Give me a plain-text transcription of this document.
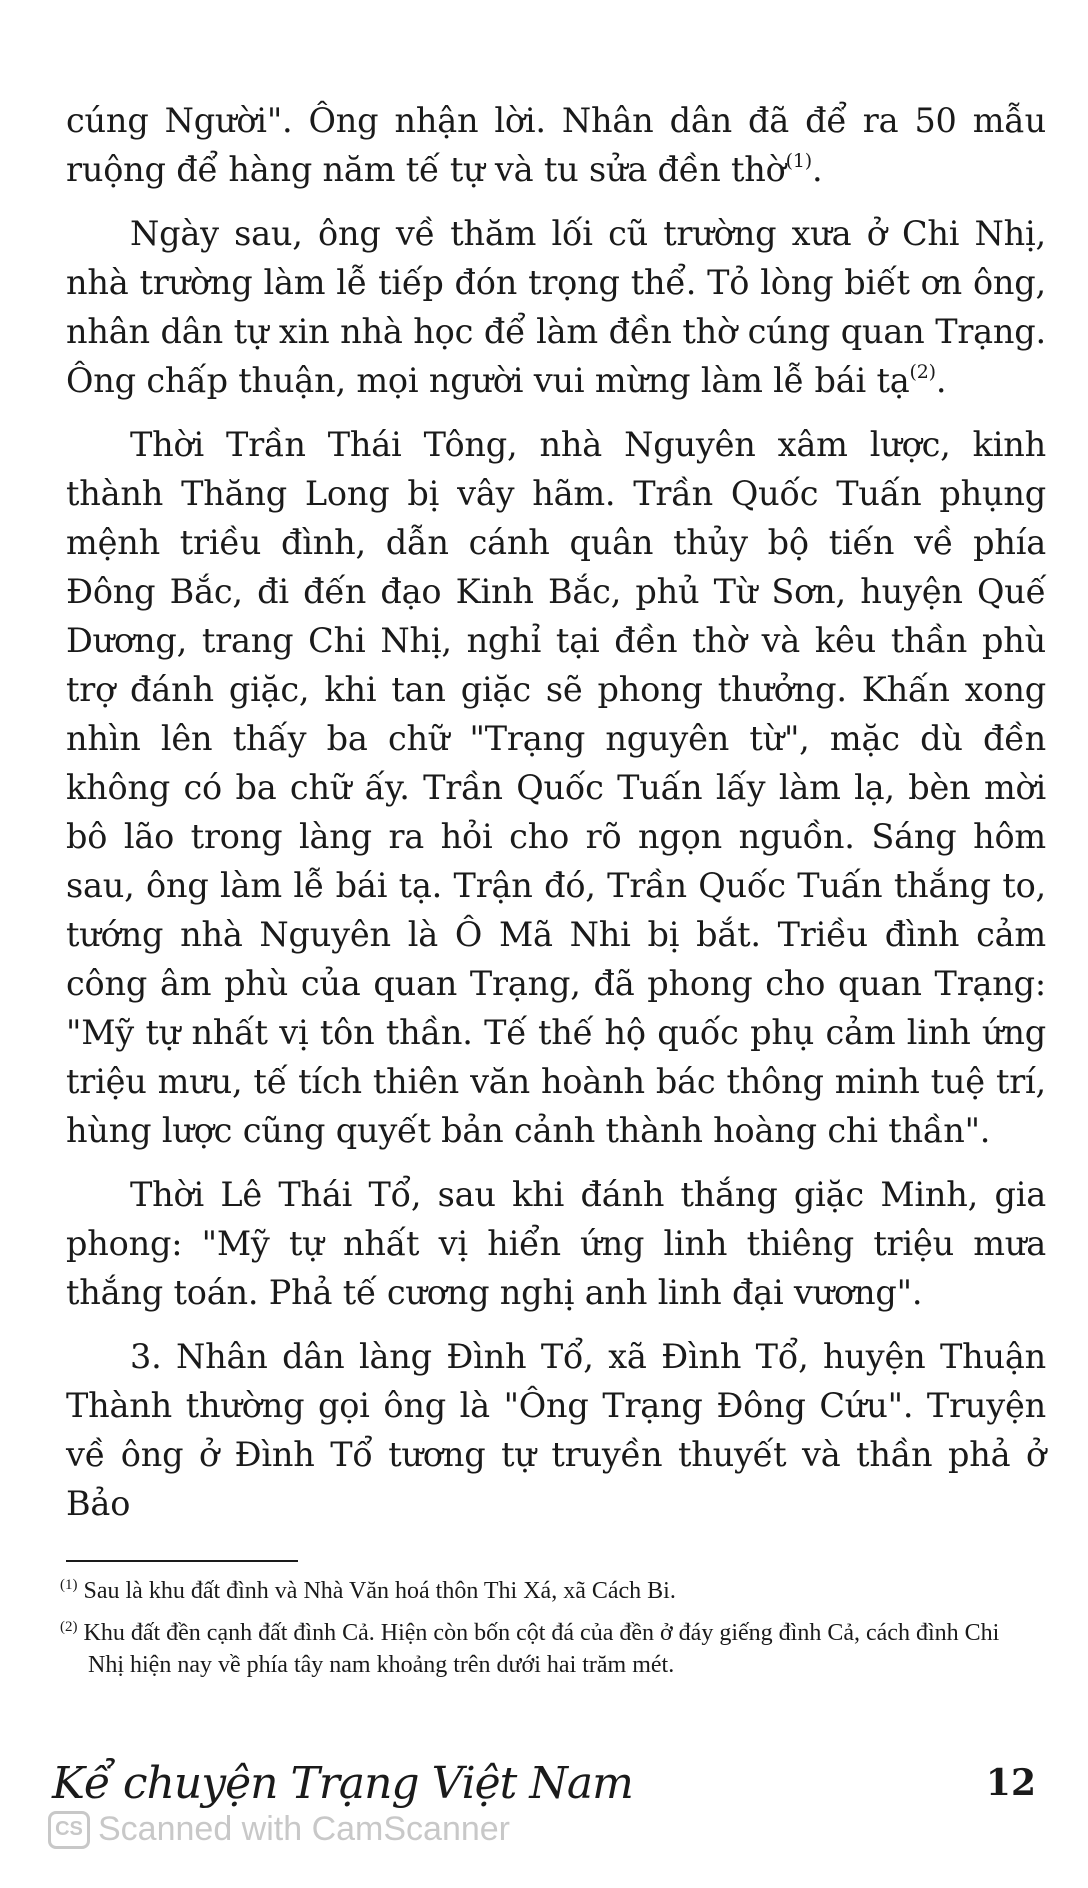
cúng Người". Ông nhận lời. Nhân dân đã để ra 50 mẫu ruộng để hàng năm tế tự và tu sửa đền thờ$^{(1)}$.

Ngày sau, ông về thăm lối cũ trường xưa ở Chi Nhị, nhà trường làm lễ tiếp đón trọng thể. Tỏ lòng biết ơn ông, nhân dân tự xin nhà học để làm đền thờ cúng quan Trạng. Ông chấp thuận, mọi người vui mừng làm lễ bái tạ$^{(2)}$.

Thời Trần Thái Tông, nhà Nguyên xâm lược, kinh thành Thăng Long bị vây hãm. Trần Quốc Tuấn phụng mệnh triều đình, dẫn cánh quân thủy bộ tiến về phía Đông Bắc, đi đến đạo Kinh Bắc, phủ Từ Sơn, huyện Quế Dương, trang Chi Nhị, nghỉ tại đền thờ và kêu thần phù trợ đánh giặc, khi tan giặc sẽ phong thưởng. Khấn xong nhìn lên thấy ba chữ "Trạng nguyên từ", mặc dù đền không có ba chữ ấy. Trần Quốc Tuấn lấy làm lạ, bèn mời bô lão trong làng ra hỏi cho rõ ngọn nguồn. Sáng hôm sau, ông làm lễ bái tạ. Trận đó, Trần Quốc Tuấn thắng to, tướng nhà Nguyên là Ô Mã Nhi bị bắt. Triều đình cảm công âm phù của quan Trạng, đã phong cho quan Trạng: "Mỹ tự nhất vị tôn thần. Tế thế hộ quốc phụ cảm linh ứng triệu mưu, tế tích thiên văn hoành bác thông minh tuệ trí, hùng lược cũng quyết bản cảnh thành hoàng chi thần".

Thời Lê Thái Tổ, sau khi đánh thắng giặc Minh, gia phong: "Mỹ tự nhất vị hiển ứng linh thiêng triệu mưa thắng toán. Phả tế cương nghị anh linh đại vương".

3. Nhân dân làng Đình Tổ, xã Đình Tổ, huyện Thuận Thành thường gọi ông là "Ông Trạng Đông Cứu". Truyện về ông ở Đình Tổ tương tự truyền thuyết và thần phả ở Bảo

$^{(1)}$ Sau là khu đất đình và Nhà Văn hoá thôn Thi Xá, xã Cách Bi.

$^{(2)}$ Khu đất đền cạnh đất đình Cả. Hiện còn bốn cột đá của đền ở đáy giếng đình Cả, cách đình Chi Nhị hiện nay về phía tây nam khoảng trên dưới hai trăm mét.

Kể chuyện Trạng Việt Nam	12
CS Scanned with CamScanner
